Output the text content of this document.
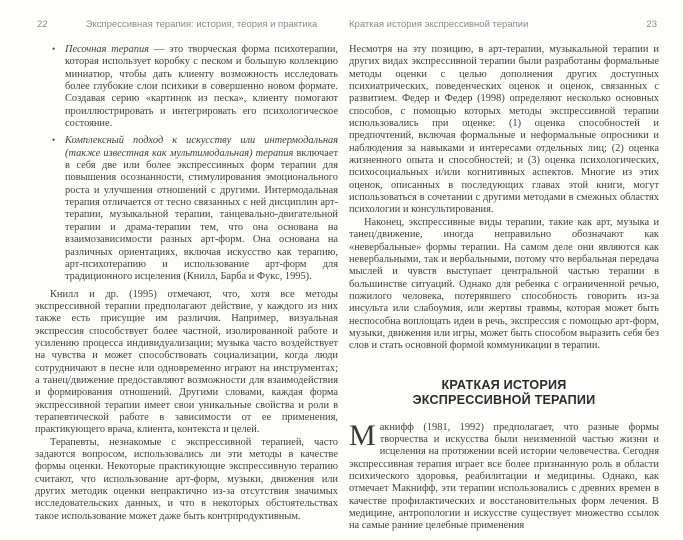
22	Экспрессивная терапия: история, теория и практика
• Песочная терапия — это творческая форма психотерапии, которая использует коробку с песком и большую коллекцию миниатюр, чтобы дать клиенту возможность исследовать более глубокие слои психики в совершенно новом формате. Создавая серию «картинок из песка», клиенту помогают проиллюстрировать и интегрировать его психологическое состояние.
• Комплексный подход к искусству или интермодальная (также известная как мультимодальная) терапия включает в себя две или более экспрессивных форм терапии для повышения осознанности, стимулирования эмоционального роста и улучшения отношений с другими. Интермодальная терапия отличается от тесно связанных с ней дисциплин арт-терапии, музыкальной терапии, танцевально-двигательной терапии и драма-терапии тем, что она основана на взаимозависимости разных арт-форм. Она основана на различных ориентациях, включая искусство как терапию, арт-психотерапию и использование арт-форм для традиционного исцеления (Книлл, Барба и Фукс, 1995).

Книлл и др. (1995) отмечают, что, хотя все методы экспрессивной терапии предполагают действие, у каждого из них также есть присущие им различия. Например, визуальная экспрессия способствует более частной, изолированной работе и усилению процесса индивидуализации; музыка часто воздействует на чувства и может способствовать социализации, когда люди сотрудничают в песне или одновременно играют на инструментах; а танец/движение предоставляют возможности для взаимодействия и формирования отношений. Другими словами, каждая форма экспрессивной терапии имеет свои уникальные свойства и роли в терапевтической работе в зависимости от ее применения, практикующего врача, клиента, контекста и целей.

Терапевты, незнакомые с экспрессивной терапией, часто задаются вопросом, использовались ли эти методы в качестве формы оценки. Некоторые практикующие экспрессивную терапию считают, что использование арт-форм, музыки, движения или других методик оценки непрактично из-за отсутствия значимых исследовательских данных, и что в некоторых обстоятельствах такое использование может даже быть контрпродуктивным.

Краткая история экспрессивной терапии	23

Несмотря на эту позицию, в арт-терапии, музыкальной терапии и других видах экспрессивной терапии были разработаны формальные методы оценки с целью дополнения других доступных психиатрических, поведенческих оценок и оценок, связанных с развитием. Федер и Федер (1998) определяют несколько основных способов, с помощью которых методы экспрессивной терапии использовались при оценке: (1) оценка способностей и предпочтений, включая формальные и неформальные опросники и наблюдения за навыками и интересами отдельных лиц; (2) оценка жизненного опыта и способностей; и (3) оценка психологических, психосоциальных и/или когнитивных аспектов. Многие из этих оценок, описанных в последующих главах этой книги, могут использоваться в сочетании с другими методами в смежных областях психологии и консультирования.

Наконец, экспрессивные виды терапии, такие как арт, музыка и танец/движение, иногда неправильно обозначают как «невербальные» формы терапии. На самом деле они являются как невербальными, так и вербальными, потому что вербальная передача мыслей и чувств выступает центральной частью терапии в большинстве ситуаций. Однако для ребенка с ограниченной речью, пожилого человека, потерявшего способность говорить из-за инсульта или слабоумия, или жертвы травмы, которая может быть неспособна воплощать идеи в речь, экспрессия с помощью арт-форм, музыки, движения или игры, может быть способом выразить себя без слов и стать основной формой коммуникации в терапии.

КРАТКАЯ ИСТОРИЯ
ЭКСПРЕССИВНОЙ ТЕРАПИИ

Макнифф (1981, 1992) предполагает, что разные формы творчества и искусства были неизменной частью жизни и исцеления на протяжении всей истории человечества. Сегодня экспрессивная терапия играет все более признанную роль в области психического здоровья, реабилитации и медицины. Однако, как отмечает Макнифф, эти терапии использовались с древних времен в качестве профилактических и восстановительных форм лечения. В медицине, антропологии и искусстве существует множество ссылок на самые ранние целебные применения
